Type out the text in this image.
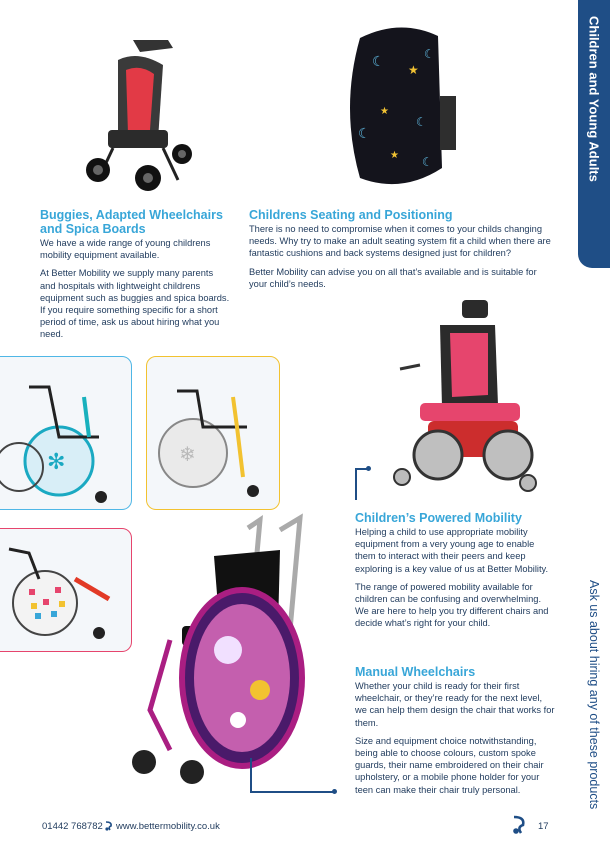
Children and Young Adults
Ask us about hiring any of these products
☾ ★
☾
★
☾
☾
★ ☾
Buggies, Adapted Wheelchairs and Spica Boards

We have a wide range of young childrens mobility equipment available.

At Better Mobility we supply many parents and hospitals with lightweight childrens equipment such as buggies and spica boards. If you require something specific for a short period of time, ask us about hiring what you need.

Childrens Seating and Positioning

There is no need to compromise when it comes to your childs changing needs. Why try to make an adult seating system fit a child when there are fantastic cushions and back systems designed just for children?

Better Mobility can advise you on all that’s available and is suitable for your child’s needs.

✻	❄
Children’s Powered Mobility

Helping a child to use appropriate mobility equipment from a very young age to enable them to interact with their peers and keep exploring is a key value of us at Better Mobility.

The range of powered mobility available for children can be confusing and overwhelming. We are here to help you try different chairs and decide what’s right for your child.

Manual Wheelchairs

Whether your child is ready for their first wheelchair, or they’re ready for the next level, we can help them design the chair that works for them.

Size and equipment choice notwithstanding, being able to choose colours, custom spoke guards, their name embroidered on their chair upholstery, or a mobile phone holder for your teen can make their chair truly personal.

01442 768782 www.bettermobility.co.uk	17
